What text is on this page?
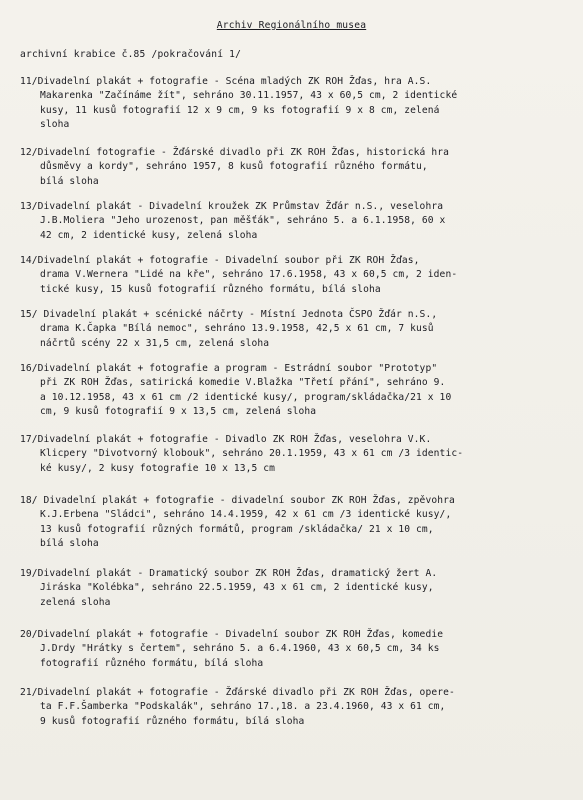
Archiv Regionálního musea
archivní krabice č.85 /pokračování 1/
11/Divadelní plakát + fotografie - Scéna mladých ZK ROH Žďas, hra A.S.
Makarenka "Začínáme žít", sehráno 30.11.1957, 43 x 60,5 cm, 2 identické
kusy, 11 kusů fotografií 12 x 9 cm, 9 ks fotografií 9 x 8 cm, zelená
sloha
12/Divadelní fotografie - Žďárské divadlo při ZK ROH Žďas, historická hra
důsměvy a kordy", sehráno 1957, 8 kusů fotografií různého formátu,
bílá sloha
13/Divadelní plakát - Divadelní kroužek ZK Průmstav Žďár n.S., veselohra
J.B.Moliera "Jeho urozenost, pan měšťák", sehráno 5. a 6.1.1958, 60 x
42 cm, 2 identické kusy, zelená sloha
14/Divadelní plakát + fotografie - Divadelní soubor při ZK ROH Žďas,
drama V.Wernera "Lidé na kře", sehráno 17.6.1958, 43 x 60,5 cm, 2 iden-
tické kusy, 15 kusů fotografií různého formátu, bílá sloha
15/ Divadelní plakát + scénické náčrty - Místní Jednota ČSPO Žďár n.S.,
drama K.Čapka "Bílá nemoc", sehráno 13.9.1958, 42,5 x 61 cm, 7 kusů
náčrtů scény 22 x 31,5 cm, zelená sloha
16/Divadelní plakát + fotografie a program - Estrádní soubor "Prototyp"
při ZK ROH Žďas, satirická komedie V.Blažka "Třetí přání", sehráno 9.
a 10.12.1958, 43 x 61 cm /2 identické kusy/, program/skládačka/21 x 10
cm, 9 kusů fotografií 9 x 13,5 cm, zelená sloha
17/Divadelní plakát + fotografie - Divadlo ZK ROH Žďas, veselohra V.K.
Klicpery "Divotvorný klobouk", sehráno 20.1.1959, 43 x 61 cm /3 identic-
ké kusy/, 2 kusy fotografie 10 x 13,5 cm
18/ Divadelní plakát + fotografie - divadelní soubor ZK ROH Žďas, zpěvohra
K.J.Erbena "Sládci", sehráno 14.4.1959, 42 x 61 cm /3 identické kusy/,
13 kusů fotografií různých formátů, program /skládačka/ 21 x 10 cm,
bílá sloha
19/Divadelní plakát - Dramatický soubor ZK ROH Žďas, dramatický žert A.
Jiráska "Kolébka", sehráno 22.5.1959, 43 x 61 cm, 2 identické kusy,
zelená sloha
20/Divadelní plakát + fotografie - Divadelní soubor ZK ROH Žďas, komedie
J.Drdy "Hrátky s čertem", sehráno 5. a 6.4.1960, 43 x 60,5 cm, 34 ks
fotografií různého formátu, bílá sloha
21/Divadelní plakát + fotografie - Žďárské divadlo při ZK ROH Žďas, opere-
ta F.F.Šamberka "Podskalák", sehráno 17.,18. a 23.4.1960, 43 x 61 cm,
9 kusů fotografií různého formátu, bílá sloha
